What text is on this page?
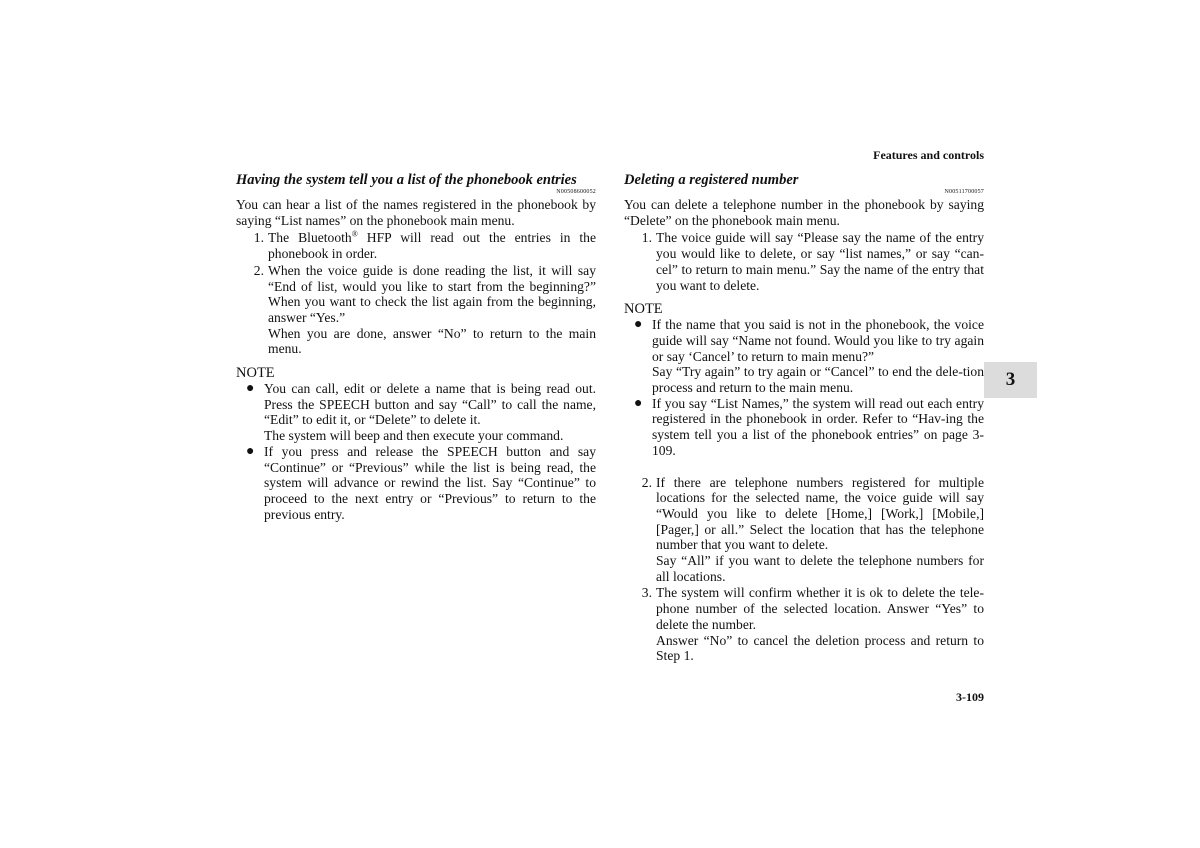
Features and controls
3
Having the system tell you a list of the phonebook entries
N00508600052

You can hear a list of the names registered in the phonebook by saying “List names” on the phonebook main menu.

1. The Bluetooth® HFP will read out the entries in the phonebook in order.
2. When the voice guide is done reading the list, it will say “End of list, would you like to start from the beginning?” When you want to check the list again from the beginning, answer “Yes.”
When you are done, answer “No” to return to the main menu.

NOTE

● You can call, edit or delete a name that is being read out. Press the SPEECH button and say “Call” to call the name, “Edit” to edit it, or “Delete” to delete it.
The system will beep and then execute your command.
● If you press and release the SPEECH button and say “Continue” or “Previous” while the list is being read, the system will advance or rewind the list. Say “Continue” to proceed to the next entry or “Previous” to return to the previous entry.
Deleting a registered number
N00511700057

You can delete a telephone number in the phonebook by saying “Delete” on the phonebook main menu.

1. The voice guide will say “Please say the name of the entry you would like to delete, or say “list names,” or say “can-cel” to return to main menu.” Say the name of the entry that you want to delete.

NOTE

● If the name that you said is not in the phonebook, the voice guide will say “Name not found. Would you like to try again or say ‘Cancel’ to return to main menu?”
Say “Try again” to try again or “Cancel” to end the dele-tion process and return to the main menu.
● If you say “List Names,” the system will read out each entry registered in the phonebook in order. Refer to “Hav-ing the system tell you a list of the phonebook entries” on page 3-109.
2. If there are telephone numbers registered for multiple locations for the selected name, the voice guide will say “Would you like to delete [Home,] [Work,] [Mobile,] [Pager,] or all.” Select the location that has the telephone number that you want to delete.
Say “All” if you want to delete the telephone numbers for all locations.
3. The system will confirm whether it is ok to delete the tele-phone number of the selected location. Answer “Yes” to delete the number.
Answer “No” to cancel the deletion process and return to Step 1.
3-109
